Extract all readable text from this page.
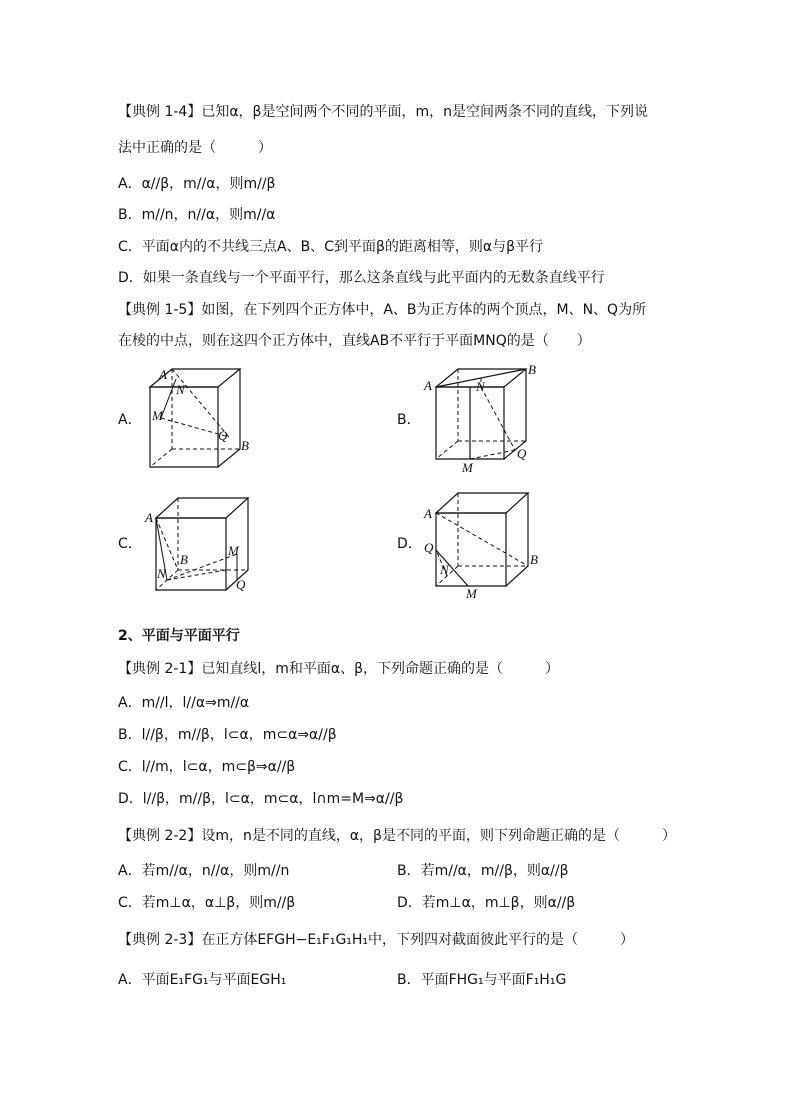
【典例 1-4】已知α，β是空间两个不同的平面，m，n是空间两条不同的直线，下列说
法中正确的是（　　　）
A．α//β，m//α，则m//β
B．m//n，n//α，则m//α
C．平面α内的不共线三点A、B、C到平面β的距离相等，则α与β平行
D．如果一条直线与一个平面平行，那么这条直线与此平面内的无数条直线平行
【典例 1-5】如图，在下列四个正方体中，A、B为正方体的两个顶点，M、N、Q为所
在棱的中点，则在这四个正方体中，直线AB不平行于平面MNQ的是（　　）
A．	B．
C．	D．
A
N
M
Q
B
A	N
B
M
Q
A
B
M
N
Q
A
Q
N
B
M
2、平面与平面平行
【典例 2-1】已知直线l，m和平面α、β，下列命题正确的是（　　　）
A．m//l，l//α⇒m//α
B．l//β，m//β，l⊂α，m⊂α⇒α//β
C．l//m，l⊂α，m⊂β⇒α//β
D．l//β，m//β，l⊂α，m⊂α，l∩m=M⇒α//β
【典例 2-2】设m，n是不同的直线，α，β是不同的平面，则下列命题正确的是（　　　）
A．若m//α，n//α，则m//n	B．若m//α，m//β，则α//β
C．若m⊥α，α⊥β，则m//β	D．若m⊥α，m⊥β，则α//β
【典例 2-3】在正方体EFGH−E₁F₁G₁H₁中，下列四对截面彼此平行的是（　　　）
A．平面E₁FG₁与平面EGH₁	B．平面FHG₁与平面F₁H₁G
